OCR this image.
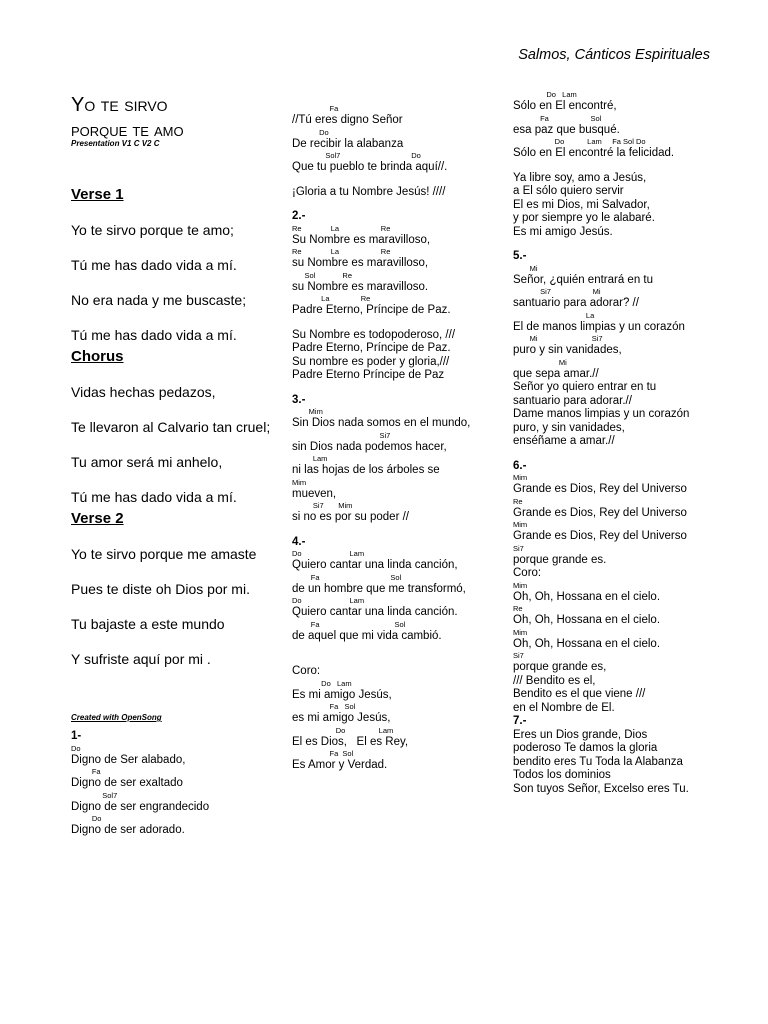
Salmos, Cánticos Espirituales
Yo te sirvo
porque te amo
Presentation V1 C V2 C
Verse 1
Yo te sirvo porque te amo;
Tú me has dado vida a mí.
No era nada y me buscaste;
Tú me has dado vida a mí.
Chorus
Vidas hechas pedazos,
Te llevaron al Calvario tan cruel;
Tu amor será mi anhelo,
Tú me has dado vida a mí.
Verse 2
Yo te sirvo porque me amaste
Pues te diste oh Dios por mi.
Tu bajaste a este mundo
Y sufriste aquí por mi .
Created with OpenSong
1-
Do
Digno de Ser alabado,
Fa
Digno de ser exaltado
Sol7
Digno de ser engrandecido
Do
Digno de ser adorado.
Fa
//Tú eres digno Señor
Do
De recibir la alabanza
Sol7                                  Do
Que tu pueblo te brinda aquí//.
¡Gloria a tu Nombre Jesús! ////
2.-
Re              La                    Re
Su Nombre es maravilloso,
Re              La                    Re
su Nombre es maravilloso,
Sol             Re
su Nombre es maravilloso.
La               Re
Padre Eterno, Príncipe de Paz.
Su Nombre es todopoderoso, ///
Padre Eterno, Príncipe de Paz.
Su nombre es poder y gloria,///
Padre Eterno Príncipe de Paz
3.-
Mim
Sin Dios nada somos en el mundo,
Si7
sin Dios nada podemos hacer,
Lam
ni las hojas de los árboles se
Mim
mueven,
Si7       Mim
si no es por su poder //
4.-
Do                       Lam
Quiero cantar una linda canción,
Fa                                  Sol
de un hombre que me transformó,
Do                       Lam
Quiero cantar una linda canción.
Fa                                    Sol
de aquel que mi vida cambió.
Coro:
Do   Lam
Es mi amigo Jesús,
Fa   Sol
es mi amigo Jesús,
Do                Lam
El es Dios,   El es Rey,
Fa  Sol
Es Amor y Verdad.
Do   Lam
Sólo en El encontré,
Fa                    Sol
esa paz que busqué.
Do           Lam     Fa Sol Do
Sólo en El encontré la felicidad.
Ya libre soy, amo a Jesús,
a El sólo quiero servir
El es mi Dios, mi Salvador,
y por siempre yo le alabaré.
Es mi amigo Jesús.
5.-
Mi
Señor, ¿quién entrará en tu
Si7                    Mi
santuario para adorar? //
La
El de manos limpias y un corazón
Mi                          Si7
puro y sin vanidades,
Mi
que sepa amar.//
Señor yo quiero entrar en tu
santuario para adorar.//
Dame manos limpias y un corazón
puro, y sin vanidades,
enséñame a amar.//
6.-
Mim
Grande es Dios, Rey del Universo
Re
Grande es Dios, Rey del Universo
Mim
Grande es Dios, Rey del Universo
Si7
porque grande es.
Coro:
Mim
Oh, Oh, Hossana en el cielo.
Re
Oh, Oh, Hossana en el cielo.
Mim
Oh, Oh, Hossana en el cielo.
Si7
porque grande es,
/// Bendito es el,
Bendito es el que viene ///
en el Nombre de El.
7.-
Eres un Dios grande, Dios
poderoso Te damos la gloria
bendito eres Tu Toda la Alabanza
Todos los dominios
Son tuyos Señor, Excelso eres Tu.
